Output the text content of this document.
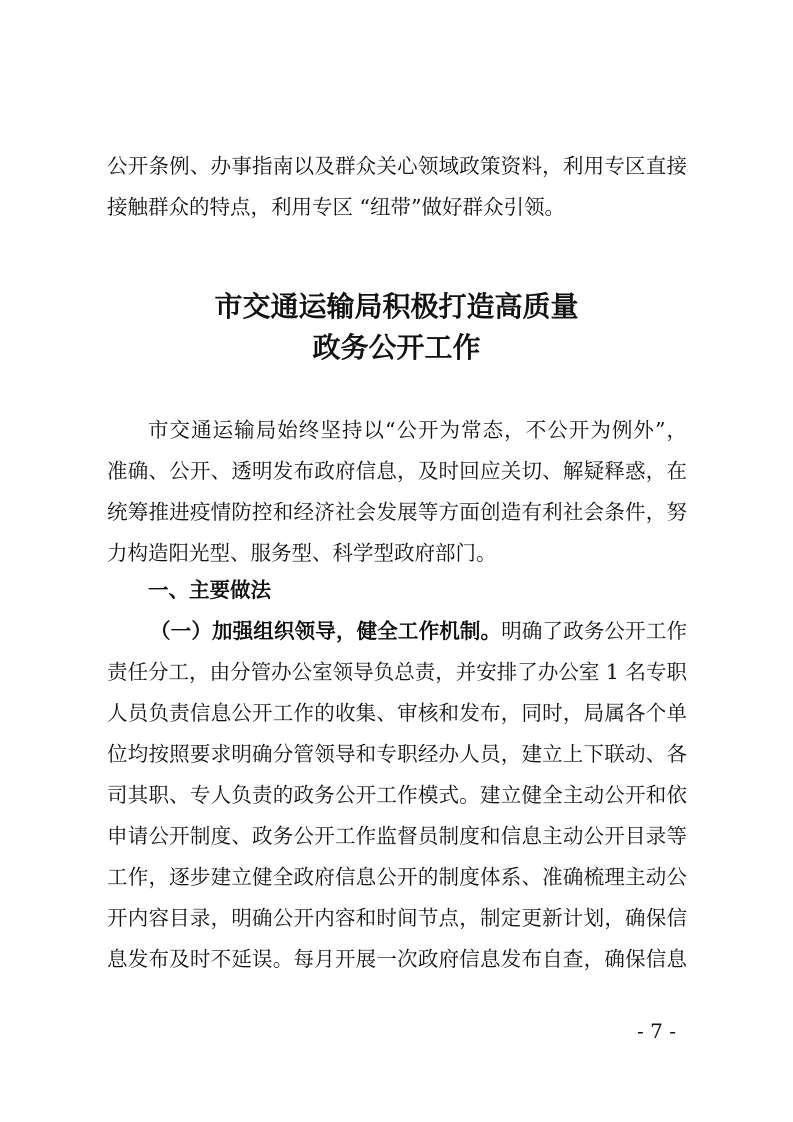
公开条例、办事指南以及群众关心领域政策资料，利用专区直接
接触群众的特点，利用专区 “纽带”做好群众引领。
市交通运输局积极打造高质量
政务公开工作
市交通运输局始终坚持以“公开为常态，不公开为例外”，
准确、公开、透明发布政府信息，及时回应关切、解疑释惑，在
统筹推进疫情防控和经济社会发展等方面创造有利社会条件，努
力构造阳光型、服务型、科学型政府部门。
一、主要做法
（一）加强组织领导，健全工作机制。明确了政务公开工作
责任分工，由分管办公室领导负总责，并安排了办公室 1 名专职
人员负责信息公开工作的收集、审核和发布，同时，局属各个单
位均按照要求明确分管领导和专职经办人员，建立上下联动、各
司其职、专人负责的政务公开工作模式。建立健全主动公开和依
申请公开制度、政务公开工作监督员制度和信息主动公开目录等
工作，逐步建立健全政府信息公开的制度体系、准确梳理主动公
开内容目录，明确公开内容和时间节点，制定更新计划，确保信
息发布及时不延误。每月开展一次政府信息发布自查，确保信息
- 7 -
